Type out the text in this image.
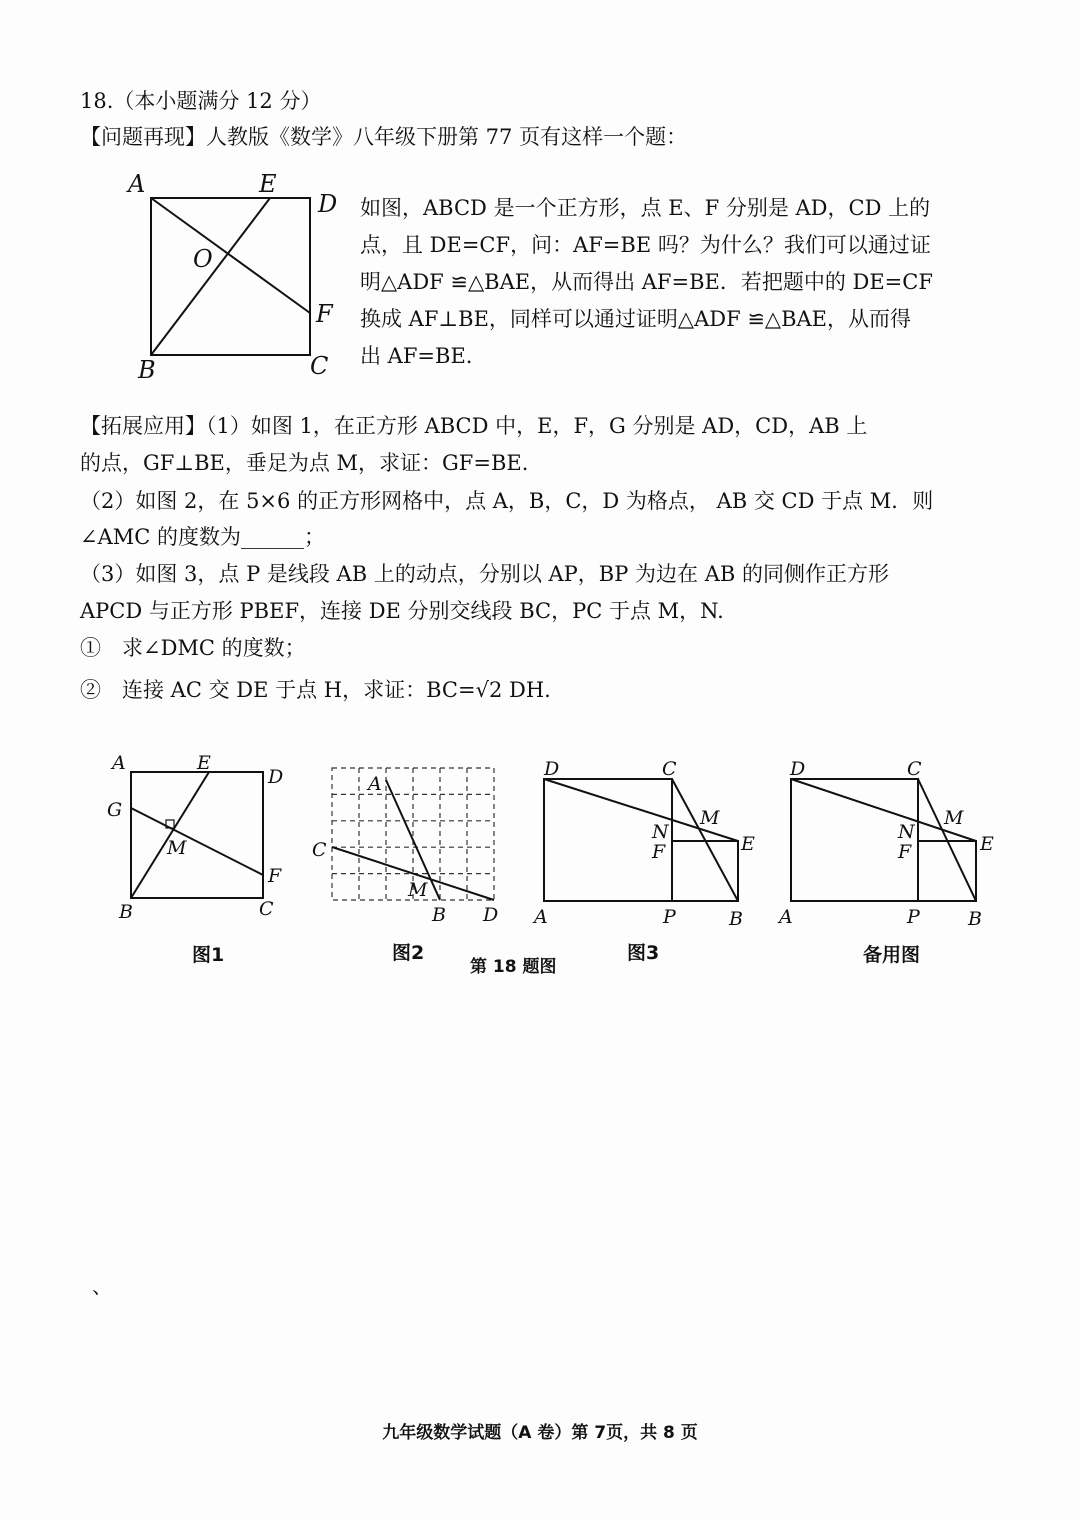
18.（本小题满分 12 分）
【问题再现】人教版《数学》八年级下册第 77 页有这样一个题：
A	E
D
O
F
B	C
如图，ABCD 是一个正方形，点 E、F 分别是 AD，CD 上的
点，且 DE=CF，问：AF=BE 吗？为什么？我们可以通过证
明△ADF ≌△BAE，从而得出 AF=BE．若把题中的 DE=CF
换成 AF⊥BE，同样可以通过证明△ADF ≌△BAE，从而得
出 AF=BE.
【拓展应用】（1）如图 1，在正方形 ABCD 中，E，F，G 分别是 AD，CD，AB 上
的点，GF⊥BE，垂足为点 M，求证：GF=BE.
（2）如图 2，在 5×6 的正方形网格中，点 A，B，C，D 为格点， AB 交 CD 于点 M．则
∠AMC 的度数为______；
（3）如图 3，点 P 是线段 AB 上的动点，分别以 AP，BP 为边在 AB 的同侧作正方形
APCD 与正方形 PBEF，连接 DE 分别交线段 BC，PC 于点 M，N.
①　求∠DMC 的度数；
②　连接 AC 交 DE 于点 H，求证：BC=√2 DH.
A	E
D
G
M
F
B	C
A
C
M
B D
D	C
M
N
F	E
A	P	B
D	C
M
N
F	E
A	P	B
图1	图2
第 18 题图
图3	备用图
、
九年级数学试题（A 卷）第 7页，共 8 页
